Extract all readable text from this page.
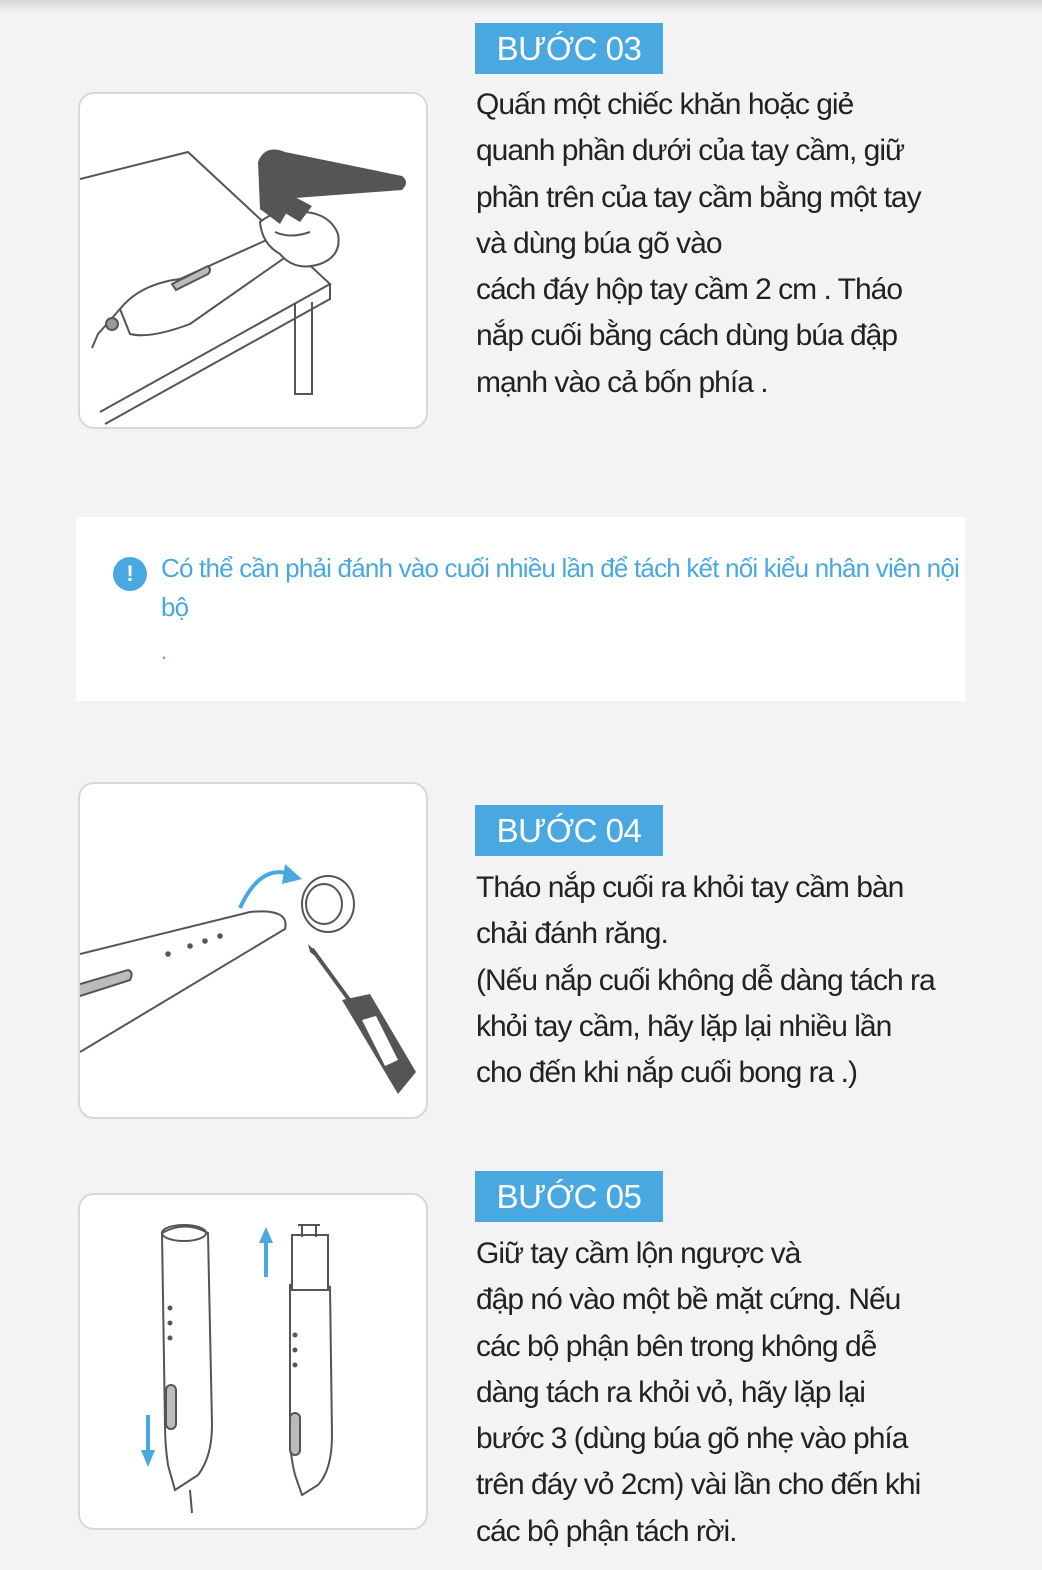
BƯỚC 03

Quấn một chiếc khăn hoặc giẻ

quanh phần dưới của tay cầm, giữ

phần trên của tay cầm bằng một tay

và dùng búa gõ vào

cách đáy hộp tay cầm 2 cm . Tháo

nắp cuối bằng cách dùng búa đập

mạnh vào cả bốn phía .

!	Có thể cần phải đánh vào cuối nhiều lần để tách kết nối kiểu nhân viên nội bộ
.
BƯỚC 04

Tháo nắp cuối ra khỏi tay cầm bàn

chải đánh răng.

(Nếu nắp cuối không dễ dàng tách ra

khỏi tay cầm, hãy lặp lại nhiều lần

cho đến khi nắp cuối bong ra .)

BƯỚC 05

Giữ tay cầm lộn ngược và

đập nó vào một bề mặt cứng. Nếu

các bộ phận bên trong không dễ

dàng tách ra khỏi vỏ, hãy lặp lại

bước 3 (dùng búa gõ nhẹ vào phía

trên đáy vỏ 2cm) vài lần cho đến khi

các bộ phận tách rời.
